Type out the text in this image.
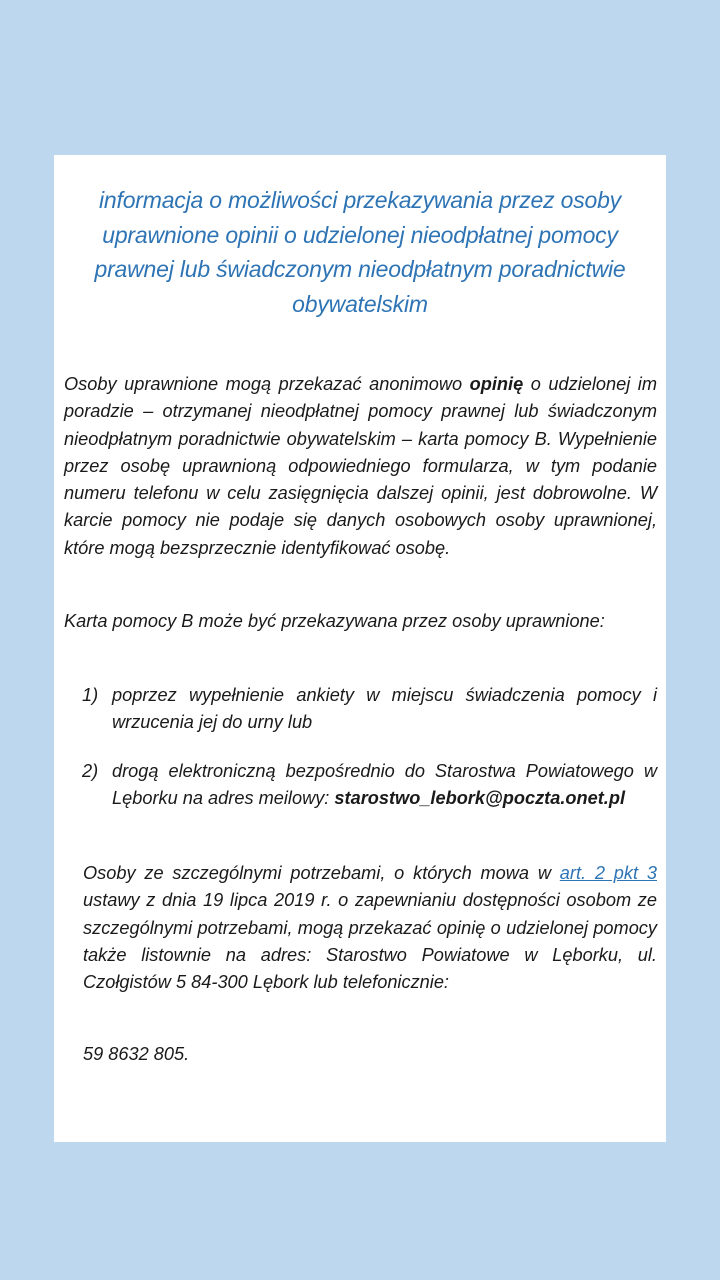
informacja o możliwości przekazywania przez osoby uprawnione opinii o udzielonej nieodpłatnej pomocy prawnej lub świadczonym nieodpłatnym poradnictwie obywatelskim

Osoby uprawnione mogą przekazać anonimowo opinię o udzielonej im poradzie – otrzymanej nieodpłatnej pomocy prawnej lub świadczonym nieodpłatnym poradnictwie obywatelskim – karta pomocy B. Wypełnienie przez osobę uprawnioną odpowiedniego formularza, w tym podanie numeru telefonu w celu zasięgnięcia dalszej opinii, jest dobrowolne. W karcie pomocy nie podaje się danych osobowych osoby uprawnionej, które mogą bezsprzecznie identyfikować osobę.

Karta pomocy B może być przekazywana przez osoby uprawnione:

1) poprzez wypełnienie ankiety w miejscu świadczenia pomocy i wrzucenia jej do urny lub
2) drogą elektroniczną bezpośrednio do Starostwa Powiatowego w Lęborku na adres meilowy: starostwo_lebork@poczta.onet.pl

Osoby ze szczególnymi potrzebami, o których mowa w art. 2 pkt 3 ustawy z dnia 19 lipca 2019 r. o zapewnianiu dostępności osobom ze szczególnymi potrzebami, mogą przekazać opinię o udzielonej pomocy także listownie na adres: Starostwo Powiatowe w Lęborku, ul. Czołgistów 5 84-300 Lębork lub telefonicznie:

59 8632 805.
